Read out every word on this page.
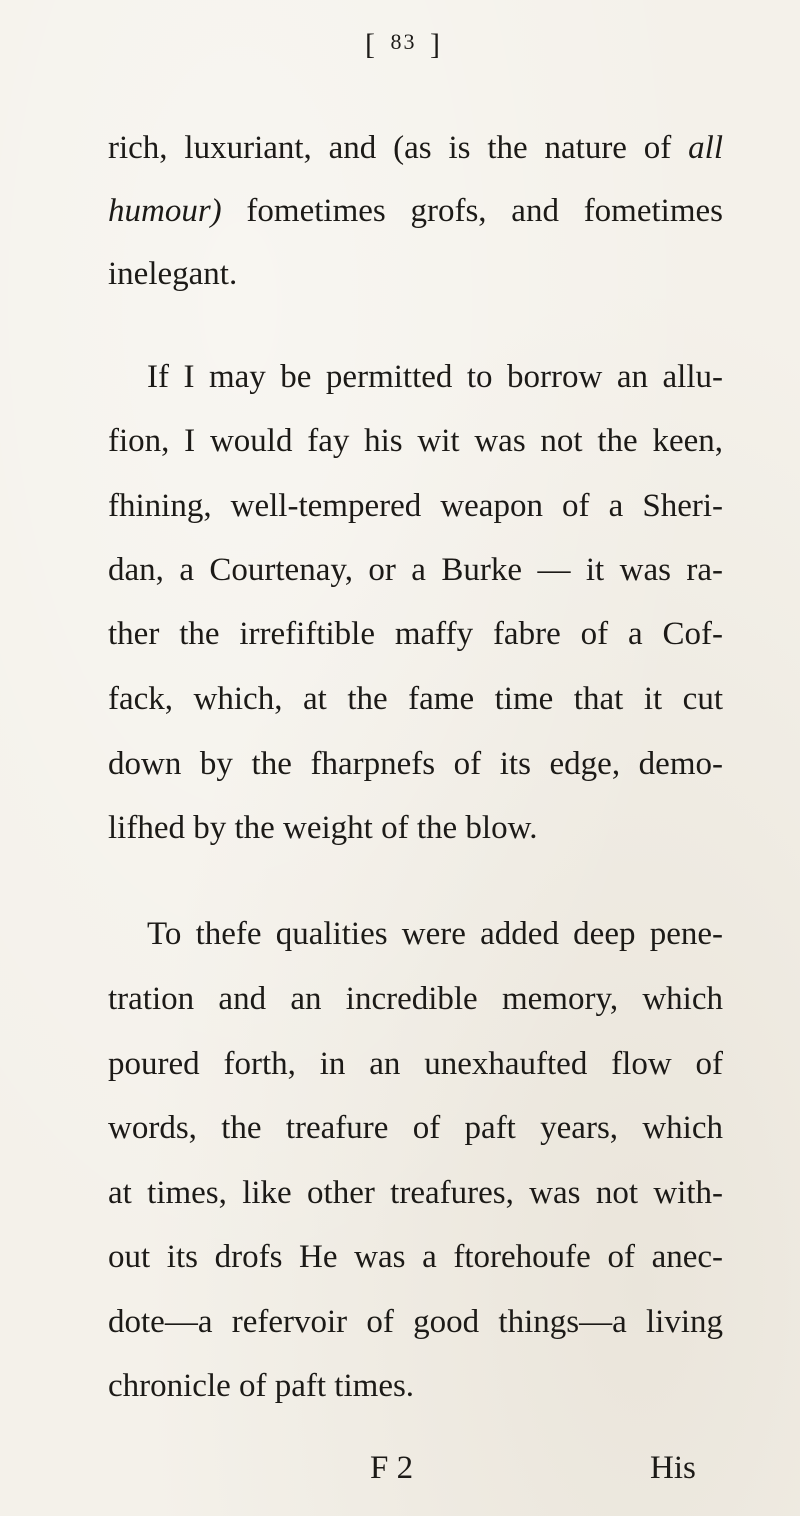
[ 83 ]
rich, luxuriant, and (as is the nature of all
humour) fometimes grofs, and fometimes
inelegant.
If I may be permitted to borrow an allu-
fion, I would fay his wit was not the keen,
fhining, well-tempered weapon of a Sheri-
dan, a Courtenay, or a Burke — it was ra-
ther the irrefiftible maffy fabre of a Cof-
fack, which, at the fame time that it cut
down by the fharpnefs of its edge, demo-
lifhed by the weight of the blow.
To thefe qualities were added deep pene-
tration and an incredible memory, which
poured forth, in an unexhaufted flow of
words, the treafure of paft years, which
at times, like other treafures, was not with-
out its drofs He was a ftorehoufe of anec-
dote—a refervoir of good things—a living
chronicle of paft times.
F 2	His
